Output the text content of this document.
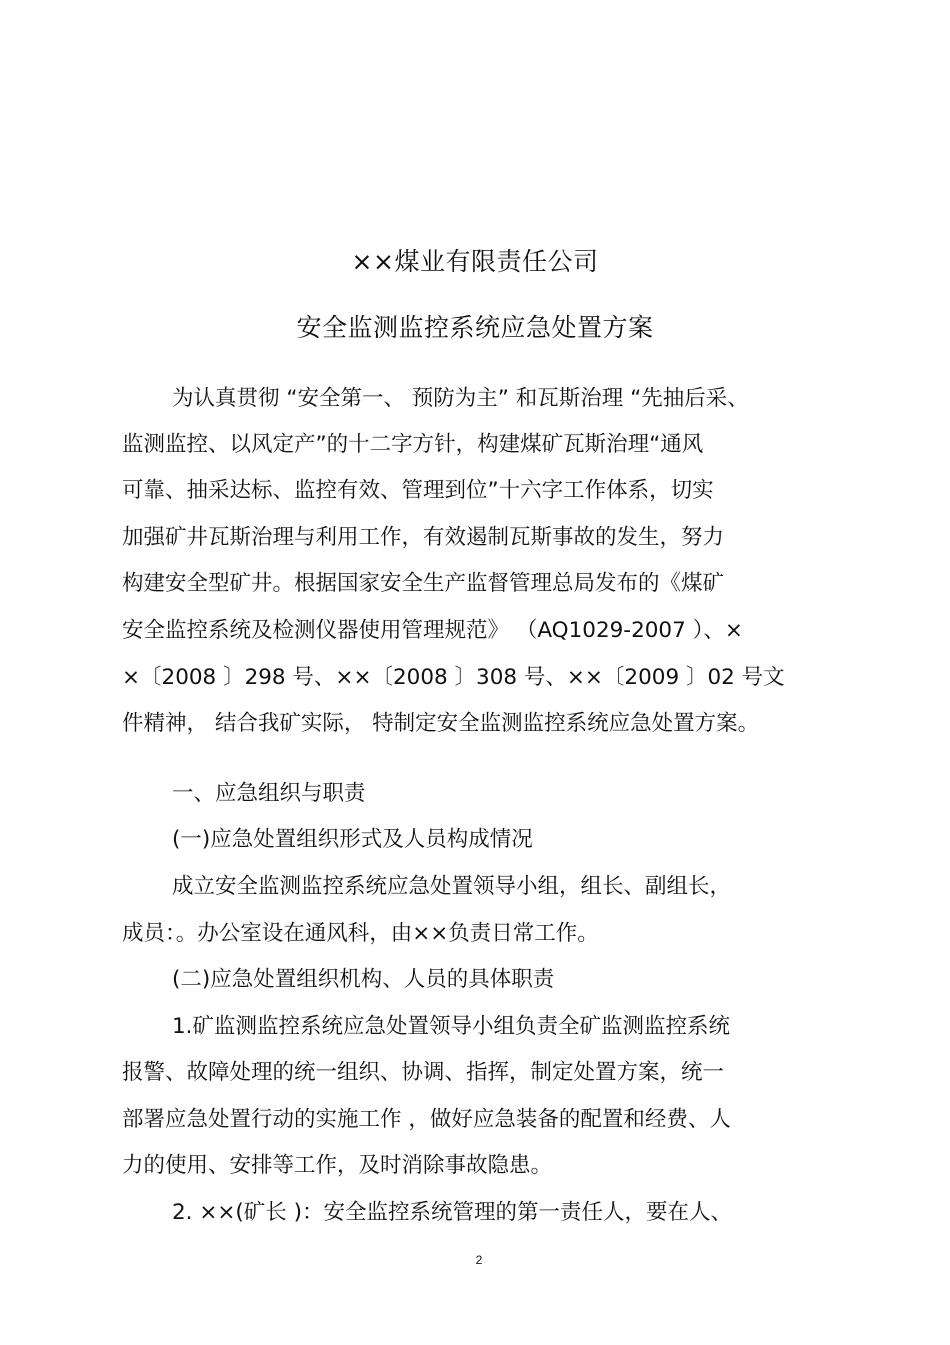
××煤业有限责任公司
安全监测监控系统应急处置方案
为认真贯彻 “安全第一、 预防为主” 和瓦斯治理 “先抽后采、
监测监控、以风定产”的十二字方针，构建煤矿瓦斯治理“通风
可靠、抽采达标、监控有效、管理到位”十六字工作体系，切实
加强矿井瓦斯治理与利用工作，有效遏制瓦斯事故的发生，努力
构建安全型矿井。根据国家安全生产监督管理总局发布的《煤矿
安全监控系统及检测仪器使用管理规范》 （AQ1029-2007 ）、×
×〔2008 〕298 号、××〔2008 〕308 号、××〔2009 〕02 号文
件精神， 结合我矿实际， 特制定安全监测监控系统应急处置方案。
一、应急组织与职责
(一)应急处置组织形式及人员构成情况
成立安全监测监控系统应急处置领导小组，组长、副组长，
成员：。办公室设在通风科，由××负责日常工作。
(二)应急处置组织机构、人员的具体职责
1.矿监测监控系统应急处置领导小组负责全矿监测监控系统
报警、故障处理的统一组织、协调、指挥，制定处置方案，统一
部署应急处置行动的实施工作 ，做好应急装备的配置和经费、人
力的使用、安排等工作，及时消除事故隐患。
2. ××(矿长 )：安全监控系统管理的第一责任人，要在人、
2
